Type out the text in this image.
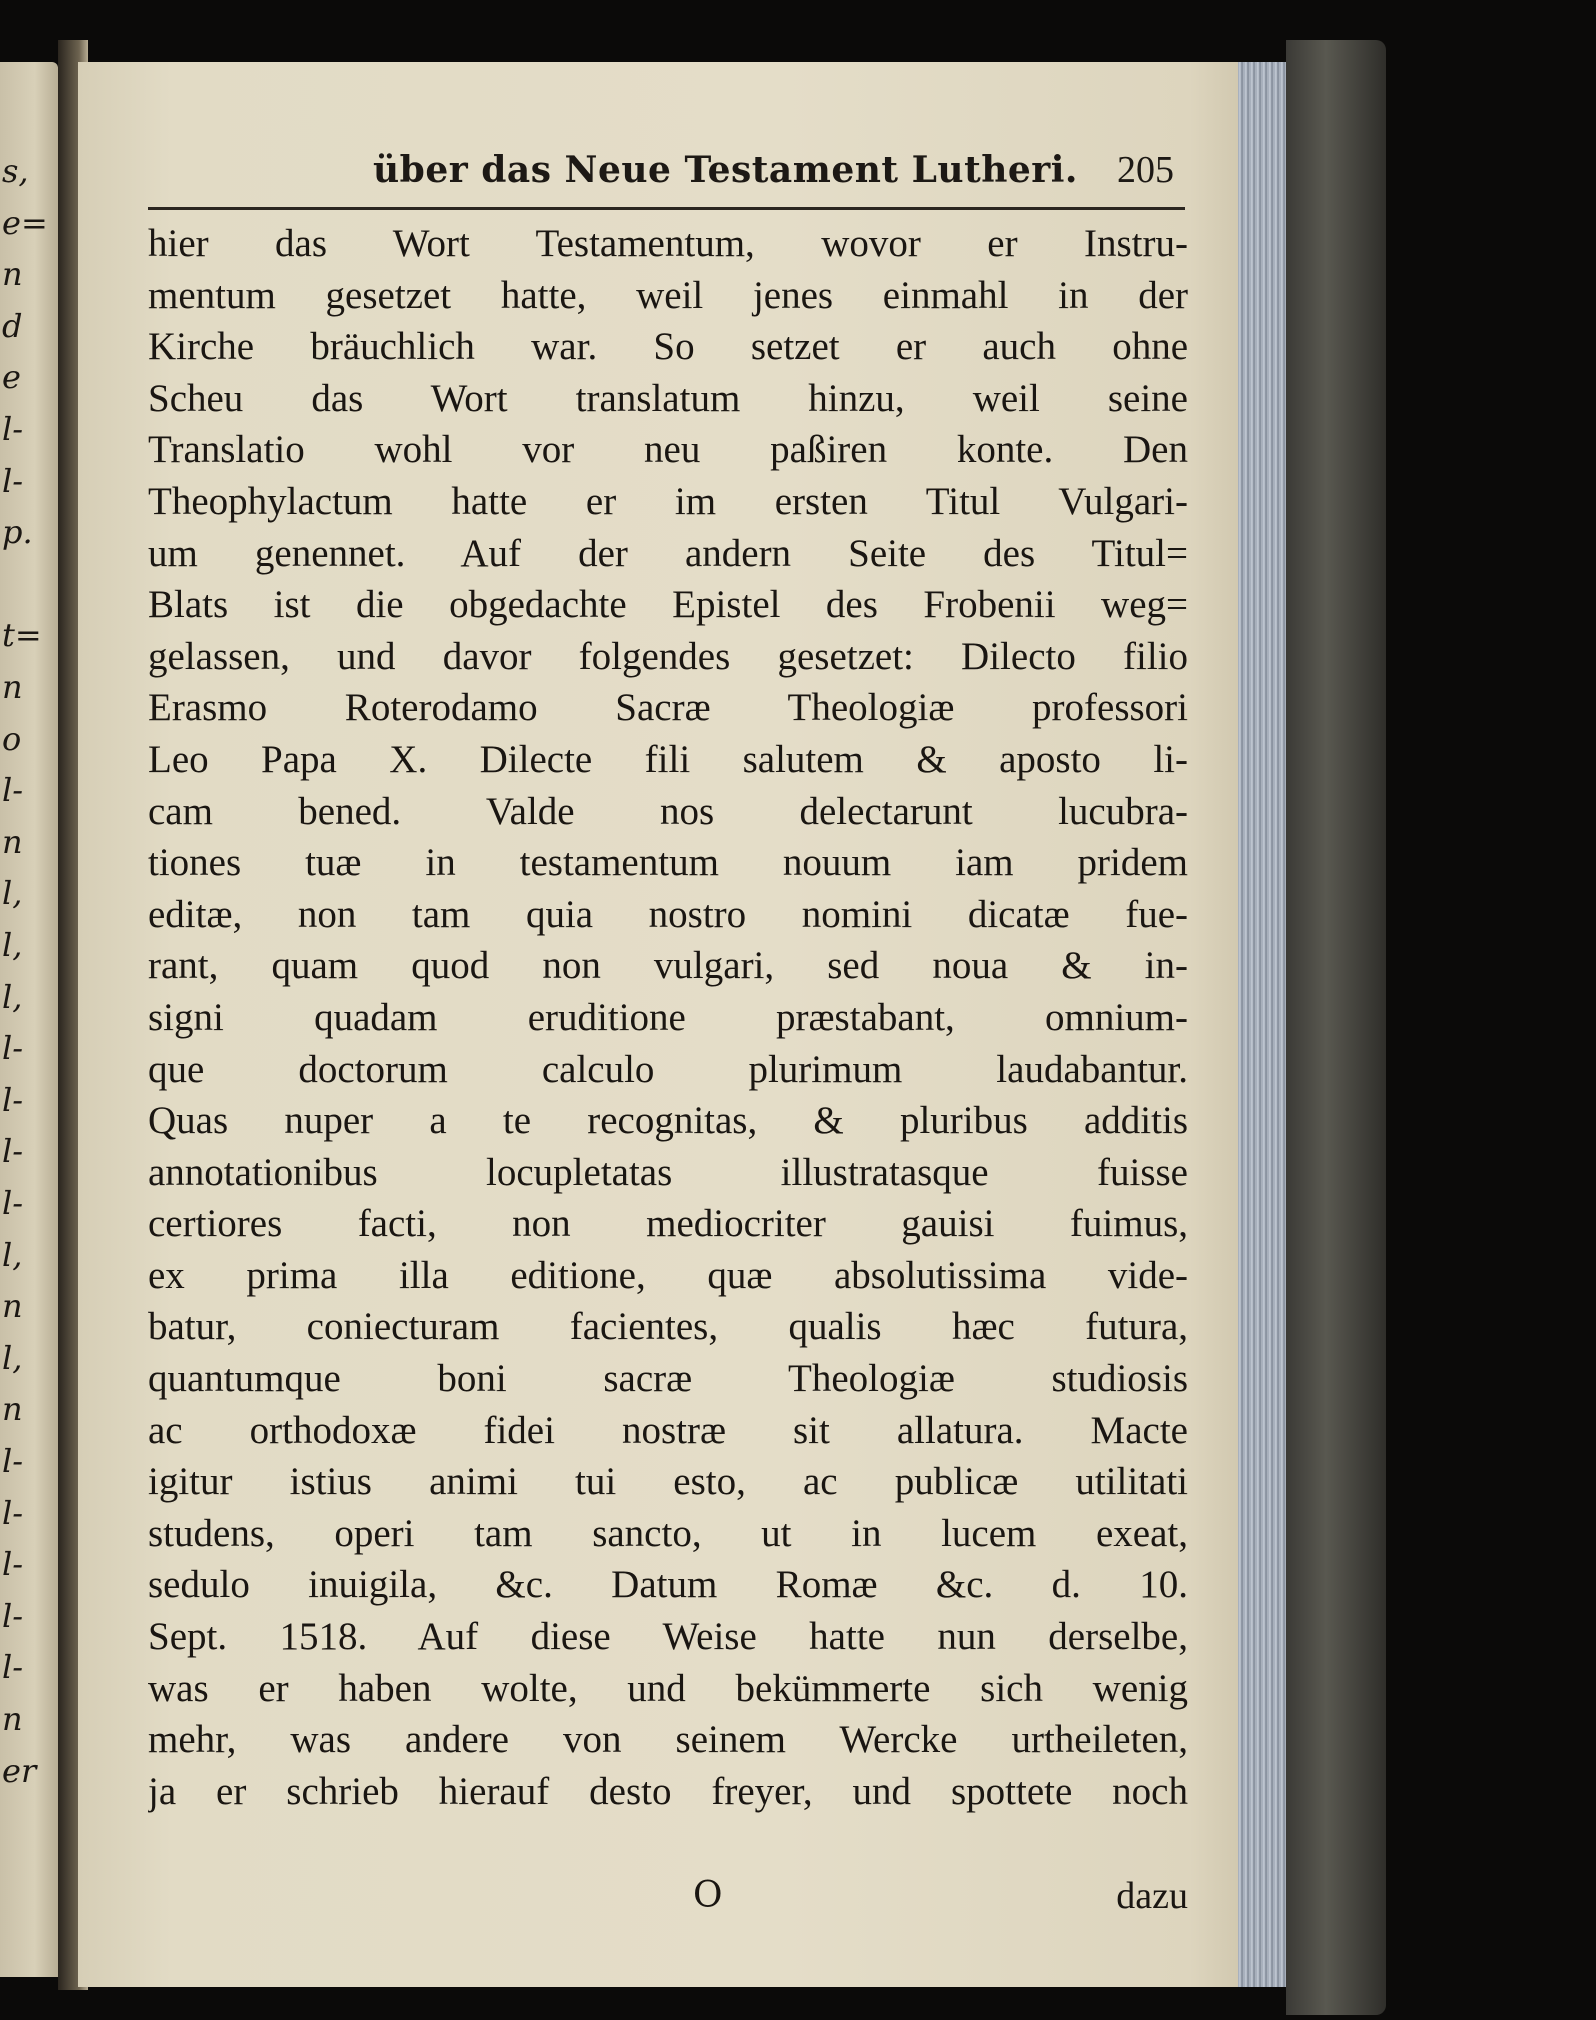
s,
e=
n
d
e
l-
l-
p.
t=
n
o
l-
n
l,
l,
l,
l-
l-
l-
l-
l,
n
l,
n
l-
l-
l-
l-
l-
n
er
über das Neue Testament Lutheri. 205
hier das Wort Testamentum, wovor er Instru-
mentum gesetzet hatte, weil jenes einmahl in der
Kirche bräuchlich war. So setzet er auch ohne
Scheu das Wort translatum hinzu, weil seine
Translatio wohl vor neu paßiren konte. Den
Theophylactum hatte er im ersten Titul Vulgari-
um genennet. Auf der andern Seite des Titul=
Blats ist die obgedachte Epistel des Frobenii weg=
gelassen, und davor folgendes gesetzet: Dilecto filio
Erasmo Roterodamo Sacræ Theologiæ professori
Leo Papa X. Dilecte fili salutem & aposto li-
cam bened. Valde nos delectarunt lucubra-
tiones tuæ in testamentum nouum iam pridem
editæ, non tam quia nostro nomini dicatæ fue-
rant, quam quod non vulgari, sed noua & in-
signi quadam eruditione præstabant, omnium-
que doctorum calculo plurimum laudabantur.
Quas nuper a te recognitas, & pluribus additis
annotationibus locupletatas illustratasque fuisse
certiores facti, non mediocriter gauisi fuimus,
ex prima illa editione, quæ absolutissima vide-
batur, coniecturam facientes, qualis hæc futura,
quantumque boni sacræ Theologiæ studiosis
ac orthodoxæ fidei nostræ sit allatura. Macte
igitur istius animi tui esto, ac publicæ utilitati
studens, operi tam sancto, ut in lucem exeat,
sedulo inuigila, &c. Datum Romæ &c. d. 10.
Sept. 1518. Auf diese Weise hatte nun derselbe,
was er haben wolte, und bekümmerte sich wenig
mehr, was andere von seinem Wercke urtheileten,
ja er schrieb hierauf desto freyer, und spottete noch
O	dazu
